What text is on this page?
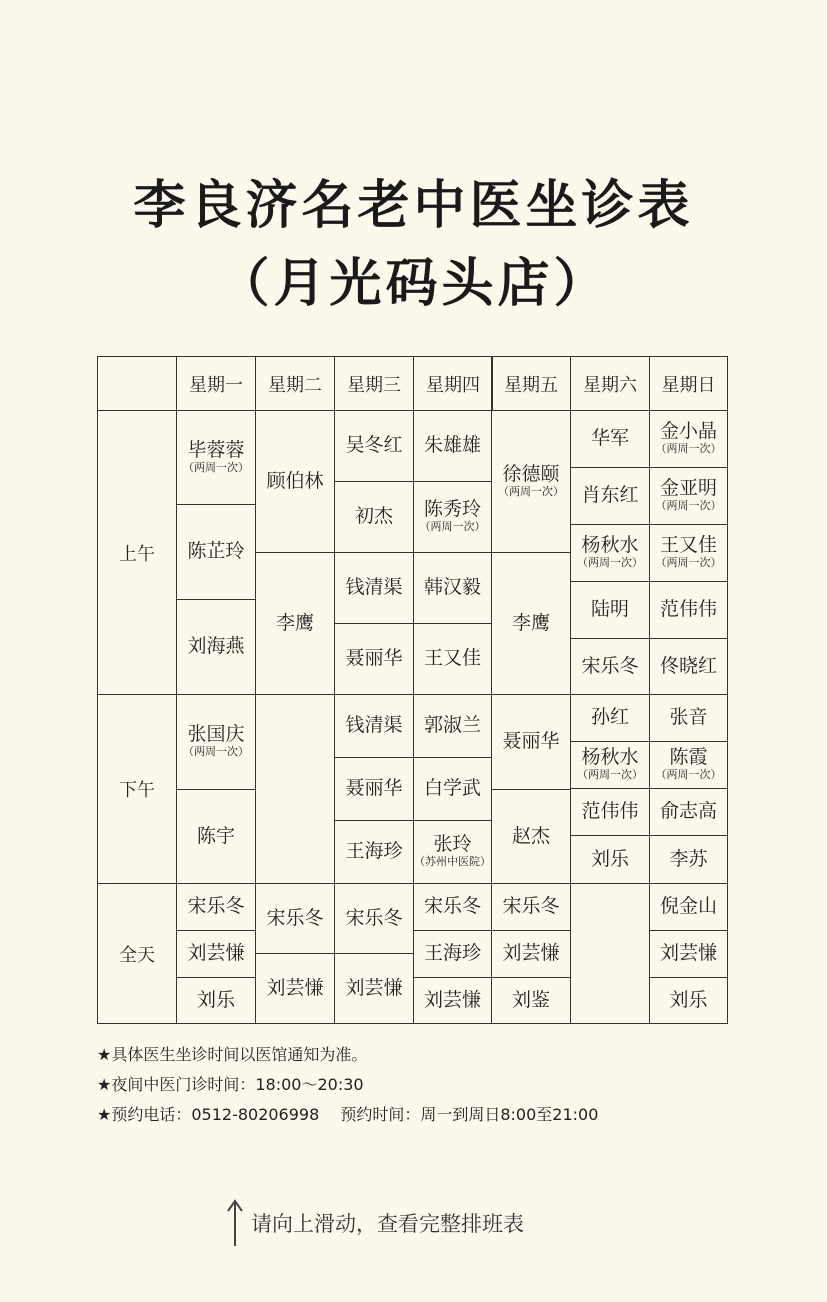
李良济名老中医坐诊表
（月光码头店）
星期一 星期二 星期三 星期四 星期五 星期六 星期日
上午
下午
全天
毕蓉蓉
（两周一次）
陈芷玲
刘海燕
顾伯林
李鹰
吴冬红
初杰
钱清渠
聂丽华
朱雄雄
陈秀玲
（两周一次）
韩汉毅
王又佳
徐德颐
（两周一次）
李鹰
华军
肖东红
杨秋水
（两周一次）
陆明
宋乐冬
金小晶
（两周一次）
金亚明
（两周一次）
王又佳
（两周一次）
范伟伟
佟晓红
张国庆
（两周一次）
陈宇
钱清渠
聂丽华
王海珍
郭淑兰
白学武
张玲
（苏州中医院）
聂丽华
赵杰
孙红
杨秋水
（两周一次）
范伟伟
刘乐
张音
陈霞
（两周一次）
俞志高
李苏
宋乐冬
刘芸慊
刘乐
宋乐冬
刘芸慊
宋乐冬
刘芸慊
宋乐冬
王海珍
刘芸慊
宋乐冬
刘芸慊
刘鉴
倪金山
刘芸慊
刘乐
★具体医生坐诊时间以医馆通知为准。
★夜间中医门诊时间：18:00～20:30
★预约电话：0512-80206998　 预约时间：周一到周日8:00至21:00
请向上滑动，查看完整排班表
